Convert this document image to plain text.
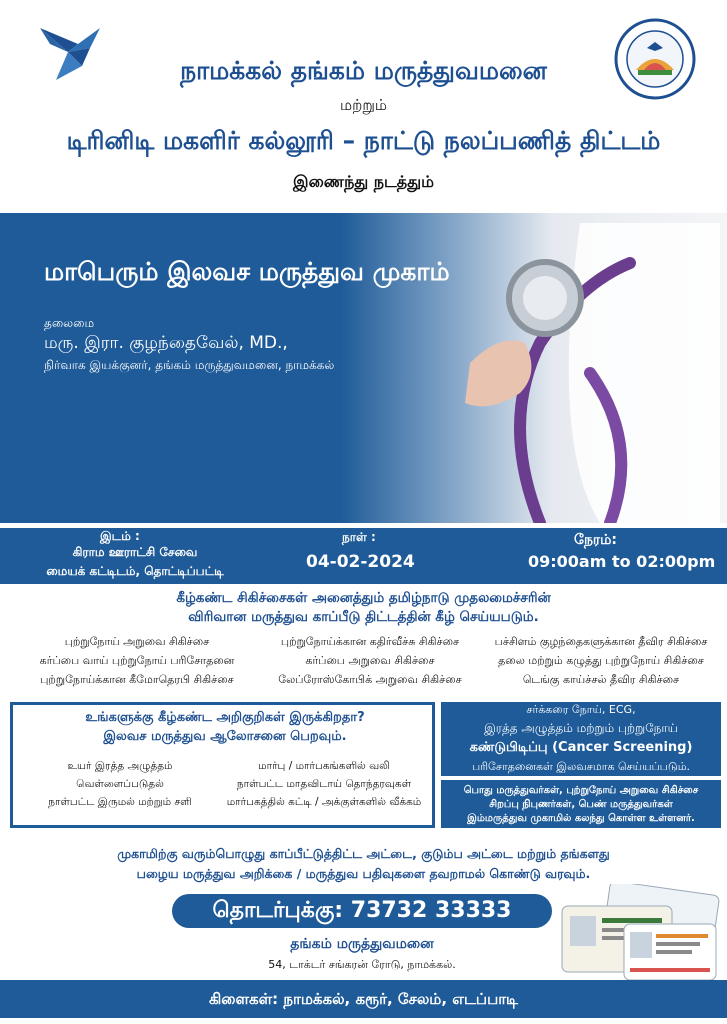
நாமக்கல் தங்கம் மருத்துவமனை
மற்றும்
டிரினிடி மகளிர் கல்லூரி – நாட்டு நலப்பணித் திட்டம்
இணைந்து நடத்தும்
மாபெரும் இலவச மருத்துவ முகாம்
தலைமை
மரு. இரா. குழந்தைவேல், MD.,
நிர்வாக இயக்குனர், தங்கம் மருத்துவமனை, நாமக்கல்
இடம் :
கிராம ஊராட்சி சேவை
மையக் கட்டிடம், தொட்டிப்பட்டி
நாள் :
04-02-2024
நேரம்:
09:00am to 02:00pm
கீழ்கண்ட சிகிச்சைகள் அனைத்தும் தமிழ்நாடு முதலமைச்சரின்
விரிவான மருத்துவ காப்பீடு திட்டத்தின் கீழ் செய்யபடும்.
புற்றுநோய் அறுவை சிகிச்சை
கர்ப்பை வாய் புற்றுநோய் பரிசோதனை
புற்றுநோய்க்கான கீமோதெரபி சிகிச்சை
புற்றுநோய்க்கான கதிர்வீச்சு சிகிச்சை
கர்ப்பை அறுவை சிகிச்சை
லேப்ரோஸ்கோபிக் அறுவை சிகிச்சை
பச்சிளம் குழந்தைகளுக்கான தீவிர சிகிச்சை
தலை மற்றும் கழுத்து புற்றுநோய் சிகிச்சை
டெங்கு காய்ச்சல் தீவிர சிகிச்சை
உங்களுக்கு கீழ்கண்ட அறிகுறிகள் இருக்கிறதா?
இலவச மருத்துவ ஆலோசனை பெறவும்.
உயர் இரத்த அழுத்தம்
வெள்ளைப்படுதல்
நாள்பட்ட இருமல் மற்றும் சளி
மார்பு / மார்பகங்களில் வலி
நாள்பட்ட மாதவிடாய் தொந்தரவுகள்
மார்பகத்தில் கட்டி / அக்குள்களில் வீக்கம்
சர்க்கரை நோய், ECG,
இரத்த அழுத்தம் மற்றும் புற்றுநோய்
கண்டுபிடிப்பு (Cancer Screening)
பரிசோதனைகள் இலவசமாக செய்யப்படும்.
பொது மருத்துவர்கள், புற்றுநோய் அறுவை சிகிச்சை
சிறப்பு நிபுணர்கள், பெண் மருத்துவர்கள்
இம்மருத்துவ முகாமில் கலந்து கொள்ள உள்ளனர்.
முகாமிற்கு வரும்பொழுது காப்பீட்டுத்திட்ட அட்டை, குடும்ப அட்டை மற்றும் தங்களது
பழைய மருத்துவ அறிக்கை / மருத்துவ பதிவுகளை தவறாமல் கொண்டு வரவும்.
தொடர்புக்கு: 73732 33333
தங்கம் மருத்துவமனை
54, டாக்டர் சங்கரன் ரோடு, நாமக்கல்.
கிளைகள்: நாமக்கல், கரூர், சேலம், எடப்பாடி
